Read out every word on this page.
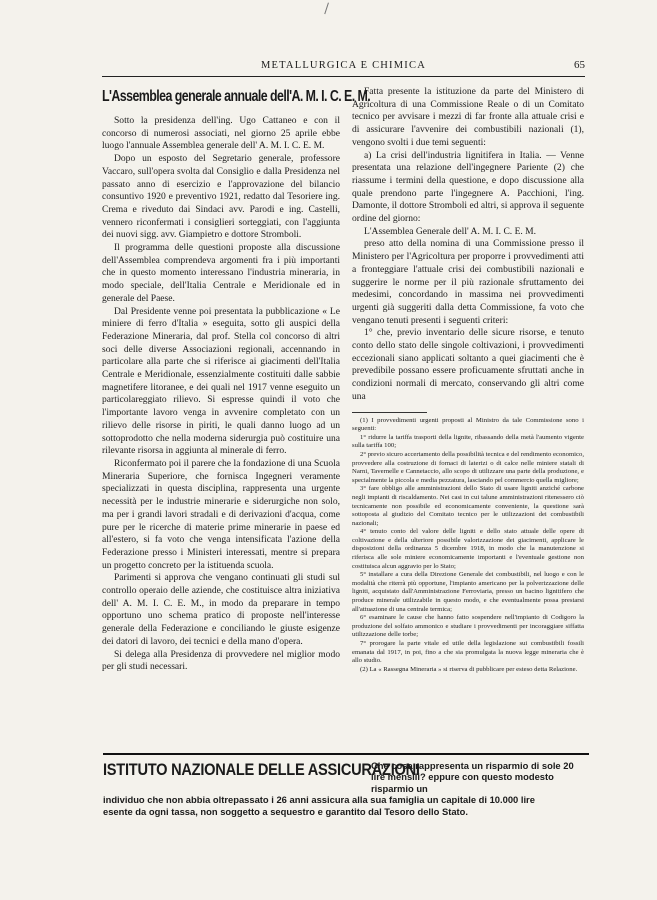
METALLURGICA E CHIMICA	65
L'Assemblea generale annuale dell'A. M. I. C. E. M.

Sotto la presidenza dell'ing. Ugo Cattaneo e con il concorso di numerosi associati, nel giorno 25 aprile ebbe luogo l'annuale Assemblea generale dell' A. M. I. C. E. M.

Dopo un esposto del Segretario generale, professore Vaccaro, sull'opera svolta dal Consiglio e dalla Presidenza nel passato anno di esercizio e l'approvazione del bilancio consuntivo 1920 e preventivo 1921, redatto dal Tesoriere ing. Crema e riveduto dai Sindaci avv. Parodi e ing. Castelli, vennero riconfermati i consiglieri sorteggiati, con l'aggiunta dei nuovi sigg. avv. Giampietro e dottore Stromboli.

Il programma delle questioni proposte alla discussione dell'Assemblea comprendeva argomenti fra i più importanti che in questo momento interessano l'industria mineraria, in modo speciale, dell'Italia Centrale e Meridionale ed in generale del Paese.

Dal Presidente venne poi presentata la pubblicazione « Le miniere di ferro d'Italia » eseguita, sotto gli auspici della Federazione Mineraria, dal prof. Stella col concorso di altri soci delle diverse Associazioni regionali, accennando in particolare alla parte che si riferisce ai giacimenti dell'Italia Centrale e Meridionale, essenzialmente costituiti dalle sabbie magnetifere litoranee, e dei quali nel 1917 venne eseguito un particolareggiato rilievo. Si espresse quindi il voto che l'importante lavoro venga in avvenire completato con un rilievo delle risorse in piriti, le quali danno luogo ad un sottoprodotto che nella moderna siderurgia può costituire una rilevante risorsa in aggiunta al minerale di ferro.

Riconfermato poi il parere che la fondazione di una Scuola Mineraria Superiore, che fornisca Ingegneri veramente specializzati in questa disciplina, rappresenta una urgente necessità per le industrie minerarie e siderurgiche non solo, ma per i grandi lavori stradali e di derivazioni d'acqua, come pure per le ricerche di materie prime minerarie in paese ed all'estero, si fa voto che venga intensificata l'azione della Federazione presso i Ministeri interessati, mentre si prepara un progetto concreto per la istituenda scuola.

Parimenti si approva che vengano continuati gli studi sul controllo operaio delle aziende, che costituisce altra iniziativa dell' A. M. I. C. E. M., in modo da preparare in tempo opportuno uno schema pratico di proposte nell'interesse generale della Federazione e conciliando le giuste esigenze dei datori di lavoro, dei tecnici e della mano d'opera.

Si delega alla Presidenza di provvedere nel miglior modo per gli studi necessari.

Fatta presente la istituzione da parte del Ministero di Agricoltura di una Commissione Reale o di un Comitato tecnico per avvisare i mezzi di far fronte alla attuale crisi e di assicurare l'avvenire dei combustibili nazionali (1), vengono svolti i due temi seguenti:

a) La crisi dell'industria lignitifera in Italia. — Venne presentata una relazione dell'ingegnere Pariente (2) che riassume i termini della questione, e dopo discussione alla quale prendono parte l'ingegnere A. Pacchioni, l'ing. Damonte, il dottore Stromboli ed altri, si approva il seguente ordine del giorno:

L'Assemblea Generale dell' A. M. I. C. E. M.

preso atto della nomina di una Commissione presso il Ministero per l'Agricoltura per proporre i provvedimenti atti a fronteggiare l'attuale crisi dei combustibili nazionali e suggerire le norme per il più razionale sfruttamento dei medesimi, concordando in massima nei provvedimenti urgenti già suggeriti dalla detta Commissione, fa voto che vengano tenuti presenti i seguenti criteri:

1° che, previo inventario delle sicure risorse, e tenuto conto dello stato delle singole coltivazioni, i provvedimenti eccezionali siano applicati soltanto a quei giacimenti che è prevedibile possano essere proficuamente sfruttati anche in condizioni normali di mercato, conservando gli altri come una

(1) I provvedimenti urgenti proposti al Ministro da tale Commissione sono i seguenti:

1° ridurre la tariffa trasporti della lignite, ribassando della metà l'aumento vigente sulla tariffa 100;

2° previo sicuro accertamento della possibilità tecnica e del rendimento economico, provvedere alla costruzione di fornaci di laterizi o di calce nelle miniere statali di Narni, Tavernelle e Cannetaccio, allo scopo di utilizzare una parte della produzione, e specialmente la piccola e media pezzatura, lasciando pel commercio quella migliore;

3° fare obbligo alle amministrazioni dello Stato di usare ligniti anziché carbone negli impianti di riscaldamento. Nei casi in cui talune amministrazioni ritenessero ciò tecnicamente non possibile ed economicamente conveniente, la questione sarà sottoposta al giudizio del Comitato tecnico per le utilizzazioni dei combustibili nazionali;

4° tenuto conto del valore delle ligniti e dello stato attuale delle opere di coltivazione e della ulteriore possibile valorizzazione dei giacimenti, applicare le disposizioni della ordinanza 5 dicembre 1918, in modo che la manutenzione si riferisca alle sole miniere economicamente importanti e l'eventuale gestione non costituisca alcun aggravio per lo Stato;

5° installare a cura della Direzione Generale dei combustibili, nel luogo e con le modalità che riterrà più opportune, l'impianto americano per la polverizzazione delle ligniti, acquistato dall'Amministrazione Ferroviaria, presso un bacino lignitifero che produce minerale utilizzabile in questo modo, e che eventualmente possa prestarsi all'attuazione di una centrale termica;

6° esaminare le cause che hanno fatto sospendere nell'impianto di Codigoro la produzione del solfato ammonico e studiare i provvedimenti per incoraggiare siffatta utilizzazione delle torbe;

7° prorogare la parte vitale ed utile della legislazione sui combustibili fossili emanata dal 1917, in poi, fino a che sia promulgata la nuova legge mineraria che è allo studio.

(2) La « Rassegna Mineraria » si riserva di pubblicare per esteso detta Relazione.

ISTITUTO NAZIONALE DELLE ASSICURAZIONI
Che cosa rappresenta un risparmio di sole 20 lire mensili? eppure con questo modesto risparmio un
individuo che non abbia oltrepassato i 26 anni assicura alla sua famiglia un capitale di 10.000 lire
esente da ogni tassa, non soggetto a sequestro e garantito dal Tesoro dello Stato.
